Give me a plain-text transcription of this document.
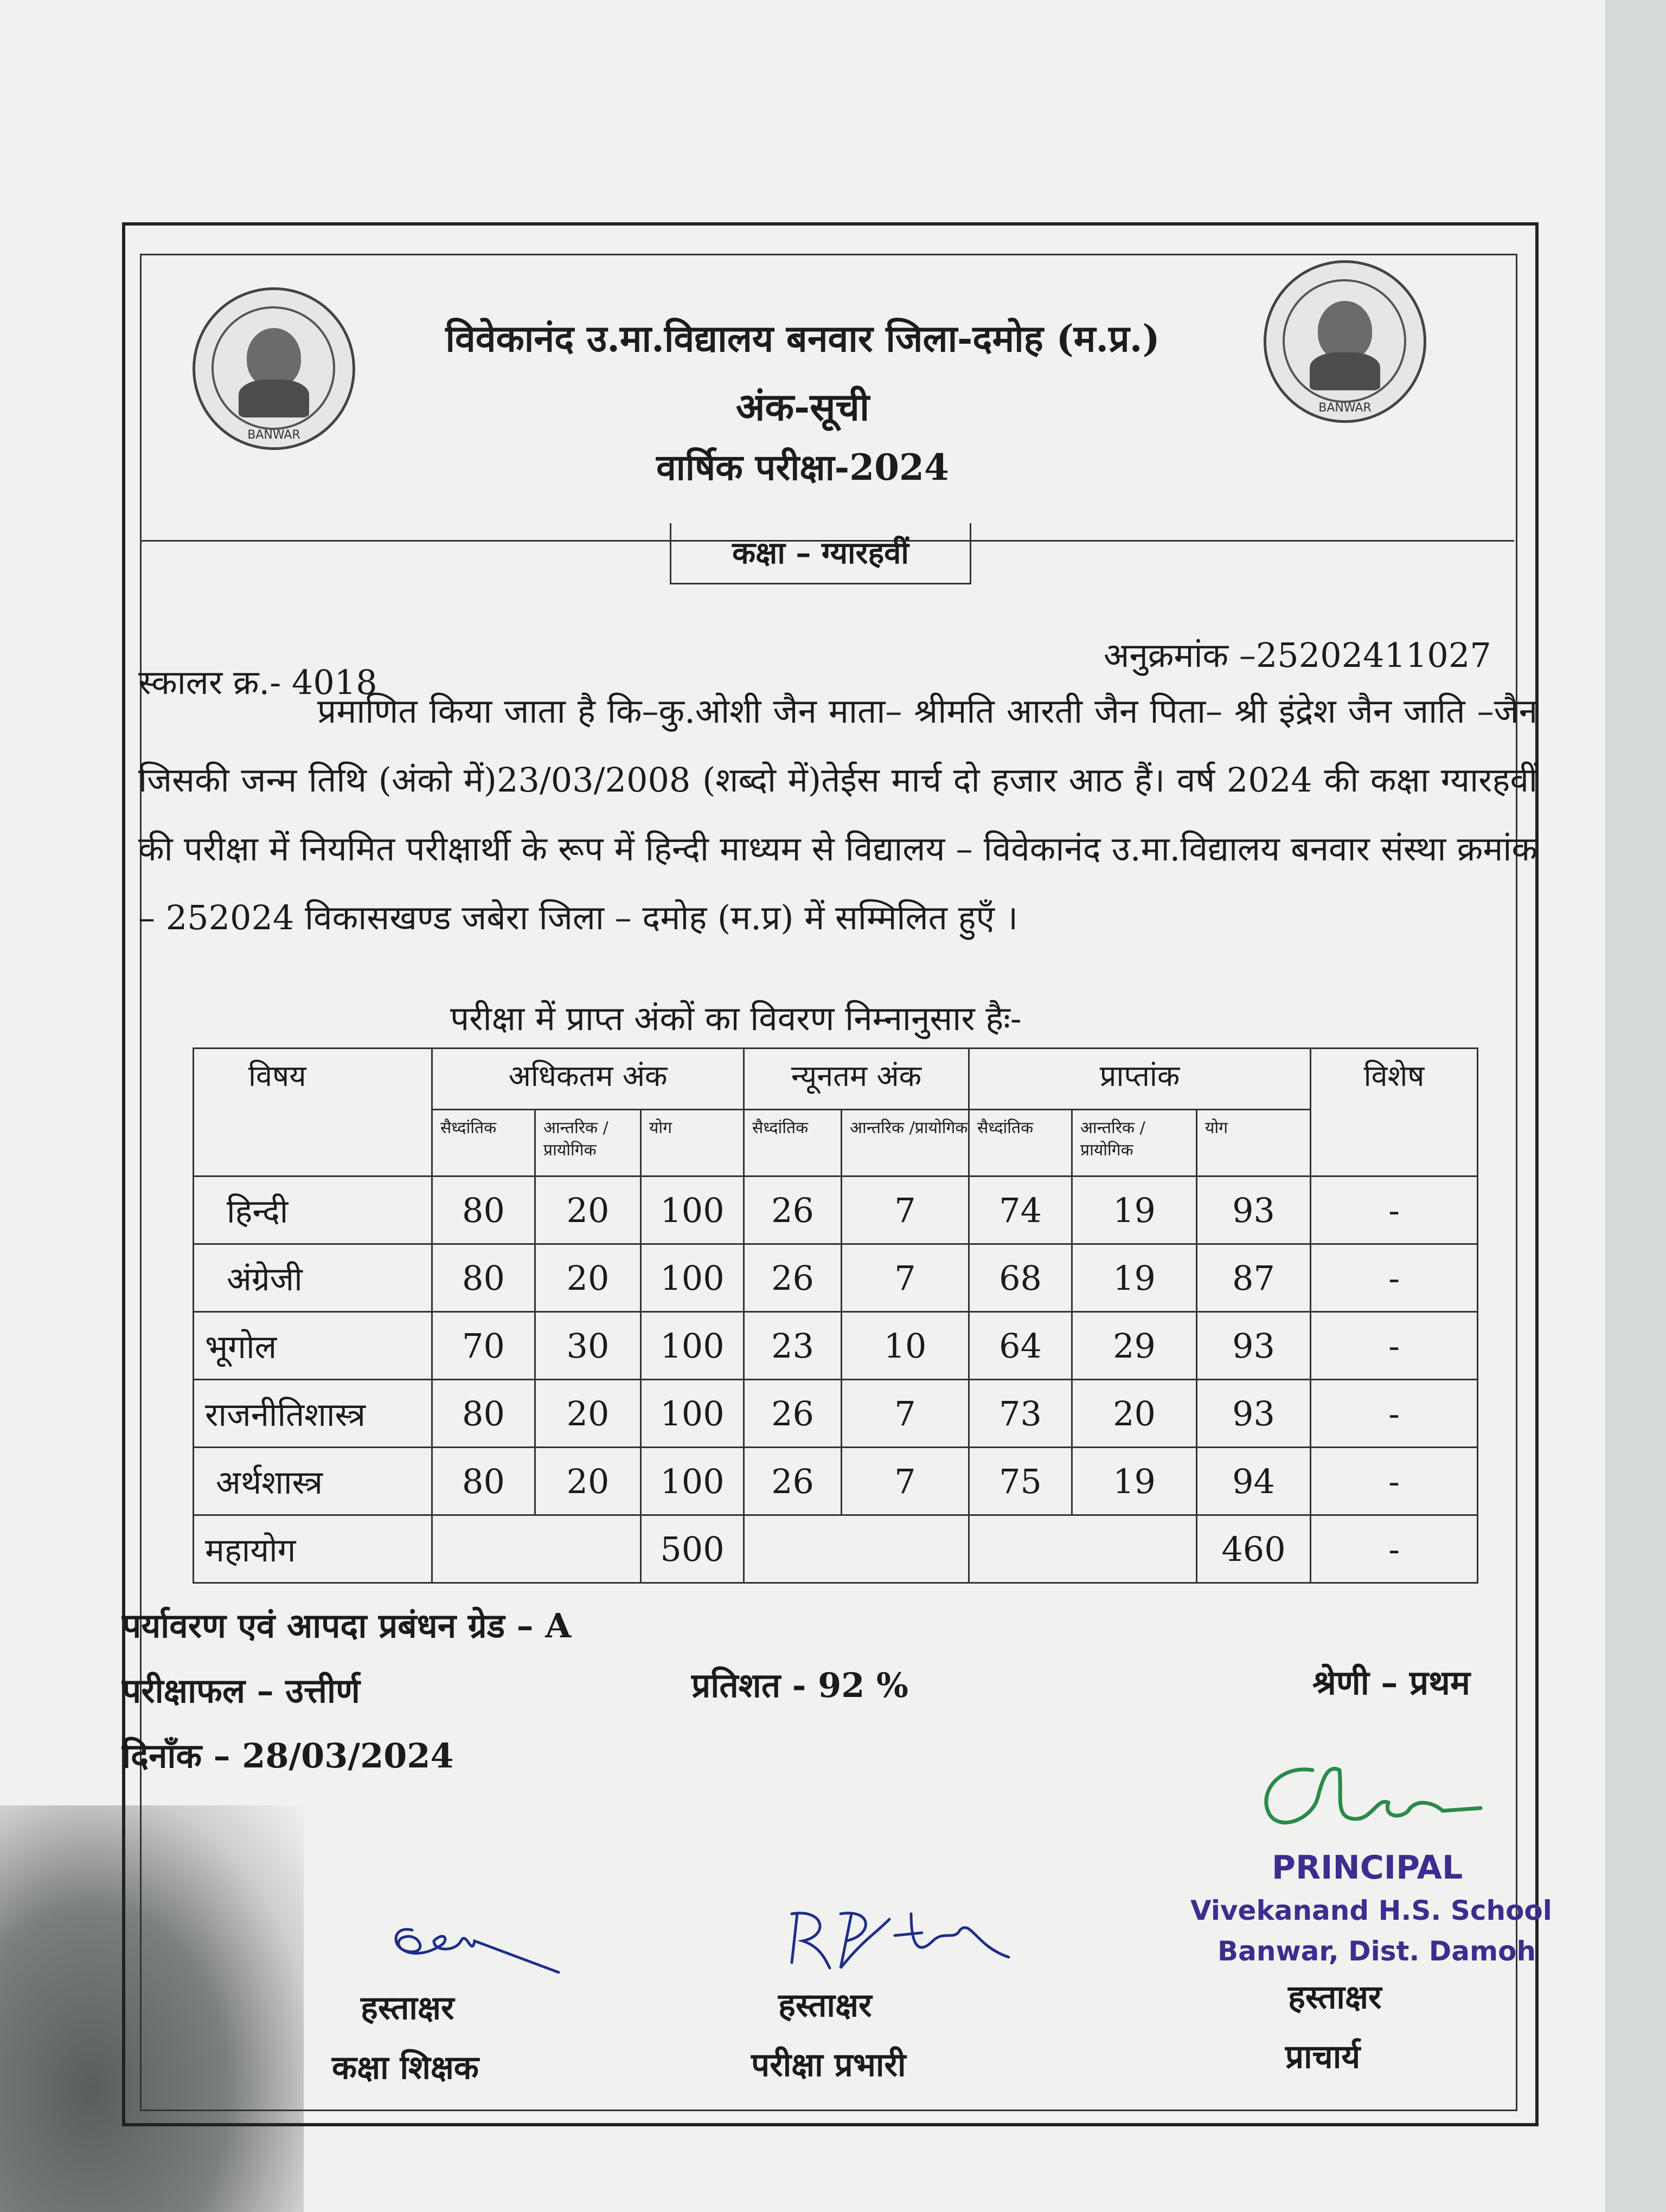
BANWAR
BANWAR
विवेकानंद उ.मा.विद्यालय बनवार जिला-दमोह (म.प्र.)
अंक-सूची
वार्षिक परीक्षा-2024
कक्षा – ग्यारहवीं
स्कालर क्र.- 4018
अनुक्रमांक –25202411027
प्रमाणित किया जाता है कि–कु.ओशी जैन माता– श्रीमति आरती जैन पिता– श्री इंद्रेश जैन जाति –जैन जिसकी जन्म तिथि (अंको में)23/03/2008 (शब्दो में)तेईस मार्च दो हजार आठ हैं। वर्ष 2024 की कक्षा ग्यारहवीं की परीक्षा में नियमित परीक्षार्थी के रूप में हिन्दी माध्यम से विद्यालय – विवेकानंद उ.मा.विद्यालय बनवार संस्था क्रमांक – 252024 विकासखण्ड जबेरा जिला – दमोह (म.प्र) में सम्मिलित हुएँ ।
परीक्षा में प्राप्त अंकों का विवरण निम्नानुसार हैः-
विषय	अधिकतम अंक			न्यूनतम अंक		प्राप्तांक			विशेष
	सैध्दांतिक	आन्तरिक /प्रायोगिक	योग	सैध्दांतिक	आन्तरिक /प्रायोगिक	सैध्दांतिक	आन्तरिक /प्रायोगिक	योग	
हिन्दी	80	20	100	26	7	74	19	93	-
अंग्रेजी	80	20	100	26	7	68	19	87	-
भूगोल	70	30	100	23	10	64	29	93	-
राजनीतिशास्त्र	80	20	100	26	7	73	20	93	-
अर्थशास्त्र	80	20	100	26	7	75	19	94	-
महायोग			500					460	-
पर्यावरण एवं आपदा प्रबंधन ग्रेड – A
परीक्षाफल – उत्तीर्ण	प्रतिशत - 92 %	श्रेणी – प्रथम
दिनाँक – 28/03/2024
PRINCIPAL
Vivekanand H.S. School
Banwar, Dist. Damoh
हस्ताक्षर
कक्षा शिक्षक
हस्ताक्षर
परीक्षा प्रभारी
हस्ताक्षर
प्राचार्य
